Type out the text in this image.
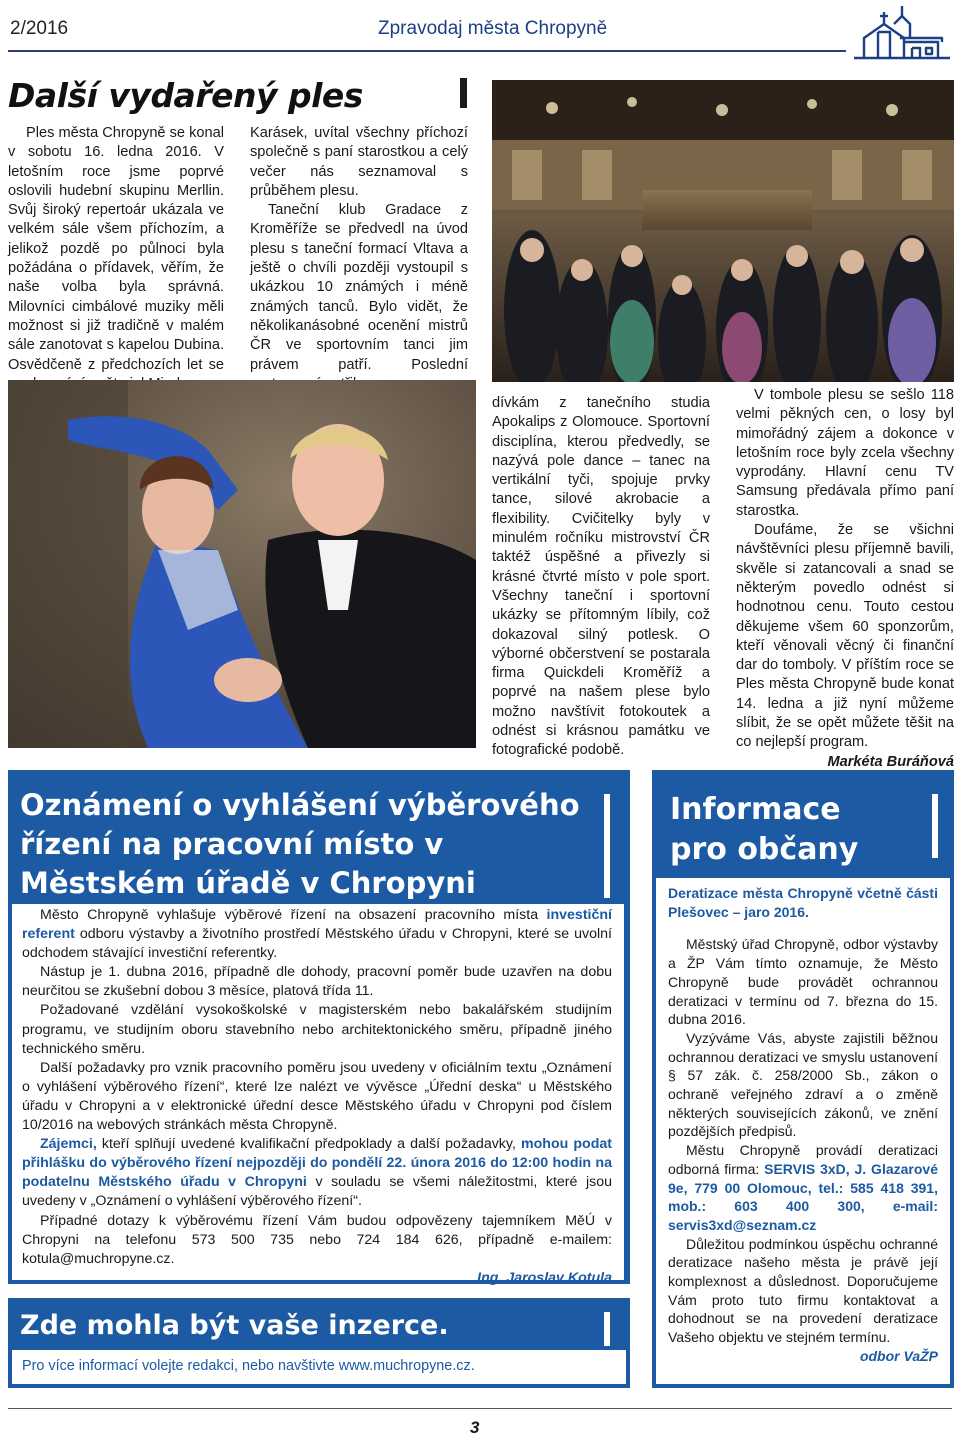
2/2016	Zpravodaj města Chropyně
Další vydařený ples

Ples města Chropyně se konal v sobotu 16. ledna 2016. V letošním roce jsme poprvé oslovili hudební skupinu Merllin. Svůj široký repertoár ukázala ve velkém sále všem příchozím, a jelikož pozdě po půlnoci byla požádána o přídavek, věřím, že naše volba byla správná. Milovníci cimbálové muziky měli možnost si již tradičně v malém sále zanotovat s kapelou Dubina. Osvědčeně z předchozích let se

Karásek, uvítal všechny příchozí společně s paní starostkou a celý večer nás seznamoval s průběhem plesu.

Taneční klub Gradace z Kroměříže se předvedl na úvod plesu s taneční formací Vltava a ještě o chvíli později vystoupil s ukázkou 10 známých i méně známých tanců. Bylo vidět, že několikanásobné ocenění mistrů ČR ve sportovním tanci jim právem patří. Poslední

dívkám z tanečního studia Apokalips z Olomouce. Sportovní disciplína, kterou předvedly, se nazývá pole dance – tanec na vertikální tyči, spojuje prvky tance, silové akrobacie a flexibility. Cvičitelky byly v minulém ročníku mistrovství ČR taktéž úspěšné a přivezly si krásné čtvrté místo v pole sport. Všechny taneční i sportovní ukázky se přítomným líbily, což dokazoval silný potlesk. O výborné občerstvení se postarala firma Quickdeli Kroměříž a poprvé na našem plese bylo možno navštívit fotokoutek a odnést si krásnou památku ve fotografické podobě.

V tombole plesu se sešlo 118 velmi pěkných cen, o losy byl mimořádný zájem a dokonce v letošním roce byly zcela všechny vyprodány. Hlavní cenu TV Samsung předávala přímo paní starostka.

Doufáme, že se všichni návštěvníci plesu příjemně bavili, skvěle si zatancovali a snad se některým povedlo odnést si hodnotnou cenu. Touto cestou děkujeme všem 60 sponzorům, kteří věnovali věcný či finanční dar do tomboly. V příštím roce se Ples města Chropyně bude konat 14. ledna a již nyní můžeme slíbit, že se opět můžete těšit na co nejlepší program.

Markéta Buráňová

Oznámení o vyhlášení výběrového řízení na pracovní místo v Městském úřadě v Chropyni

Město Chropyně vyhlašuje výběrové řízení na obsazení pracovního místa investiční referent odboru výstavby a životního prostředí Městského úřadu v Chropyni, které se uvolní odchodem stávající investiční referentky.

Nástup je 1. dubna 2016, případně dle dohody, pracovní poměr bude uzavřen na dobu neurčitou se zkušební dobou 3 měsíce, platová třída 11.

Požadované vzdělání vysokoškolské v magisterském nebo bakalářském studijním programu, ve studijním oboru stavebního nebo architektonického směru, případně jiného technického směru.

Další požadavky pro vznik pracovního poměru jsou uvedeny v oficiálním textu „Oznámení o vyhlášení výběrového řízení“, které lze nalézt ve vývěsce „Úřední deska“ u Městského úřadu v Chropyni a v elektronické úřední desce Městského úřadu v Chropyni pod číslem 10/2016 na webových stránkách města Chropyně.

Zájemci, kteří splňují uvedené kvalifikační předpoklady a další požadavky, mohou podat přihlášku do výběrového řízení nejpozději do pondělí 22. února 2016 do 12:00 hodin na podatelnu Městského úřadu v Chropyni v souladu se všemi náležitostmi, které jsou uvedeny v „Oznámení o vyhlášení výběrového řízení“.

Případné dotazy k výběrovému řízení Vám budou odpovězeny tajemníkem MěÚ v Chropyni na telefonu 573 500 735 nebo 724 184 626, případně e-mailem: kotula@muchropyne.cz.

Ing. Jaroslav Kotula

Zde mohla být vaše inzerce.
Pro více informací volejte redakci, nebo navštivte www.muchropyne.cz.
Informace
pro občany

Deratizace města Chropyně včetně části Plešovec – jaro 2016.

Městský úřad Chropyně, odbor výstavby a ŽP Vám tímto oznamuje, že Město Chropyně bude provádět ochrannou deratizaci v termínu od 7. března do 15. dubna 2016.

Vyzýváme Vás, abyste zajistili běžnou ochrannou deratizaci ve smyslu ustanovení § 57 zák. č. 258/2000 Sb., zákon o ochraně veřejného zdraví a o změně některých souvisejících zákonů, ve znění pozdějších předpisů.

Městu Chropyně provádí deratizaci odborná firma: SERVIS 3xD, J. Glazarové 9e, 779 00 Olomouc, tel.: 585 418 391, mob.: 603 400 300, e-mail: servis3xd@seznam.cz

Důležitou podmínkou úspěchu ochranné deratizace našeho města je právě její komplexnost a důslednost. Doporučujeme Vám proto tuto firmu kontaktovat a dohodnout se na provedení deratizace Vašeho objektu ve stejném termínu.

odbor VaŽP

3
